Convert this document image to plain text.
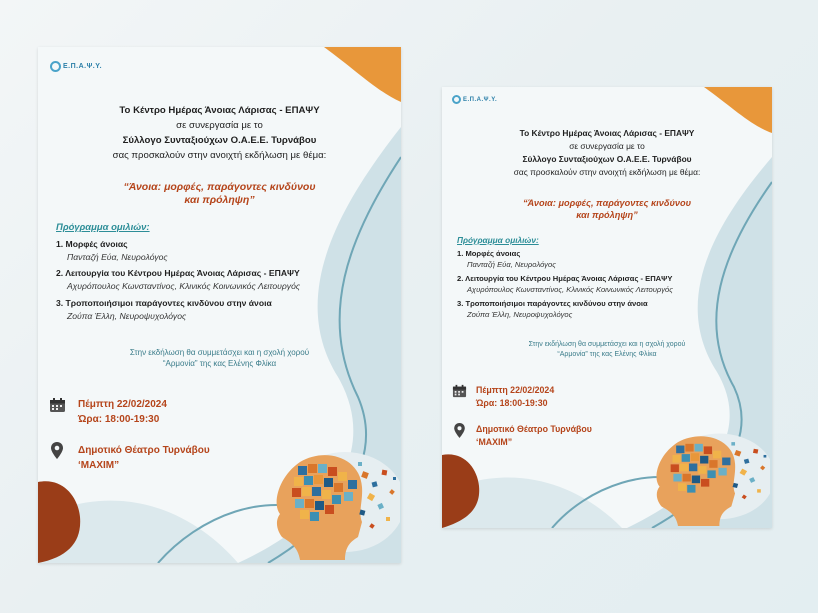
Ε.Π.Α.Ψ.Υ.
Το Κέντρο Ημέρας Άνοιας Λάρισας - ΕΠΑΨΥ
σε συνεργασία με το
Σύλλογο Συνταξιούχων Ο.Α.Ε.Ε. Τυρνάβου
σας προσκαλούν στην ανοιχτή εκδήλωση με θέμα:
“Άνοια: μορφές, παράγοντες κινδύνου
και πρόληψη”
Πρόγραμμα ομιλιών:
1. Μορφές άνοιας
Πανταζή Εύα, Νευρολόγος
2. Λειτουργία του Κέντρου Ημέρας Άνοιας Λάρισας - ΕΠΑΨΥ
Αχυρόπουλος Κωνσταντίνος, Κλινικός Κοινωνικός Λειτουργός
3. Τροποποιήσιμοι παράγοντες κινδύνου στην άνοια
Ζούπα Έλλη, Νευροψυχολόγος
Στην εκδήλωση θα συμμετάσχει και η σχολή χορού
“Αρμονία” της κας Ελένης Φλίκα
Πέμπτη 22/02/2024
Ώρα: 18:00-19:30
Δημοτικό Θέατρο Τυρνάβου
‘MAXIM”
Ε.Π.Α.Ψ.Υ.
Το Κέντρο Ημέρας Άνοιας Λάρισας - ΕΠΑΨΥ
σε συνεργασία με το
Σύλλογο Συνταξιούχων Ο.Α.Ε.Ε. Τυρνάβου
σας προσκαλούν στην ανοιχτή εκδήλωση με θέμα:
“Άνοια: μορφές, παράγοντες κινδύνου
και πρόληψη”
Πρόγραμμα ομιλιών:
1. Μορφές άνοιας
Πανταζή Εύα, Νευρολόγος
2. Λειτουργία του Κέντρου Ημέρας Άνοιας Λάρισας - ΕΠΑΨΥ
Αχυρόπουλος Κωνσταντίνος, Κλινικός Κοινωνικός Λειτουργός
3. Τροποποιήσιμοι παράγοντες κινδύνου στην άνοια
Ζούπα Έλλη, Νευροψυχολόγος
Στην εκδήλωση θα συμμετάσχει και η σχολή χορού
“Αρμονία” της κας Ελένης Φλίκα
Πέμπτη 22/02/2024
Ώρα: 18:00-19:30
Δημοτικό Θέατρο Τυρνάβου
‘MAXIM”
